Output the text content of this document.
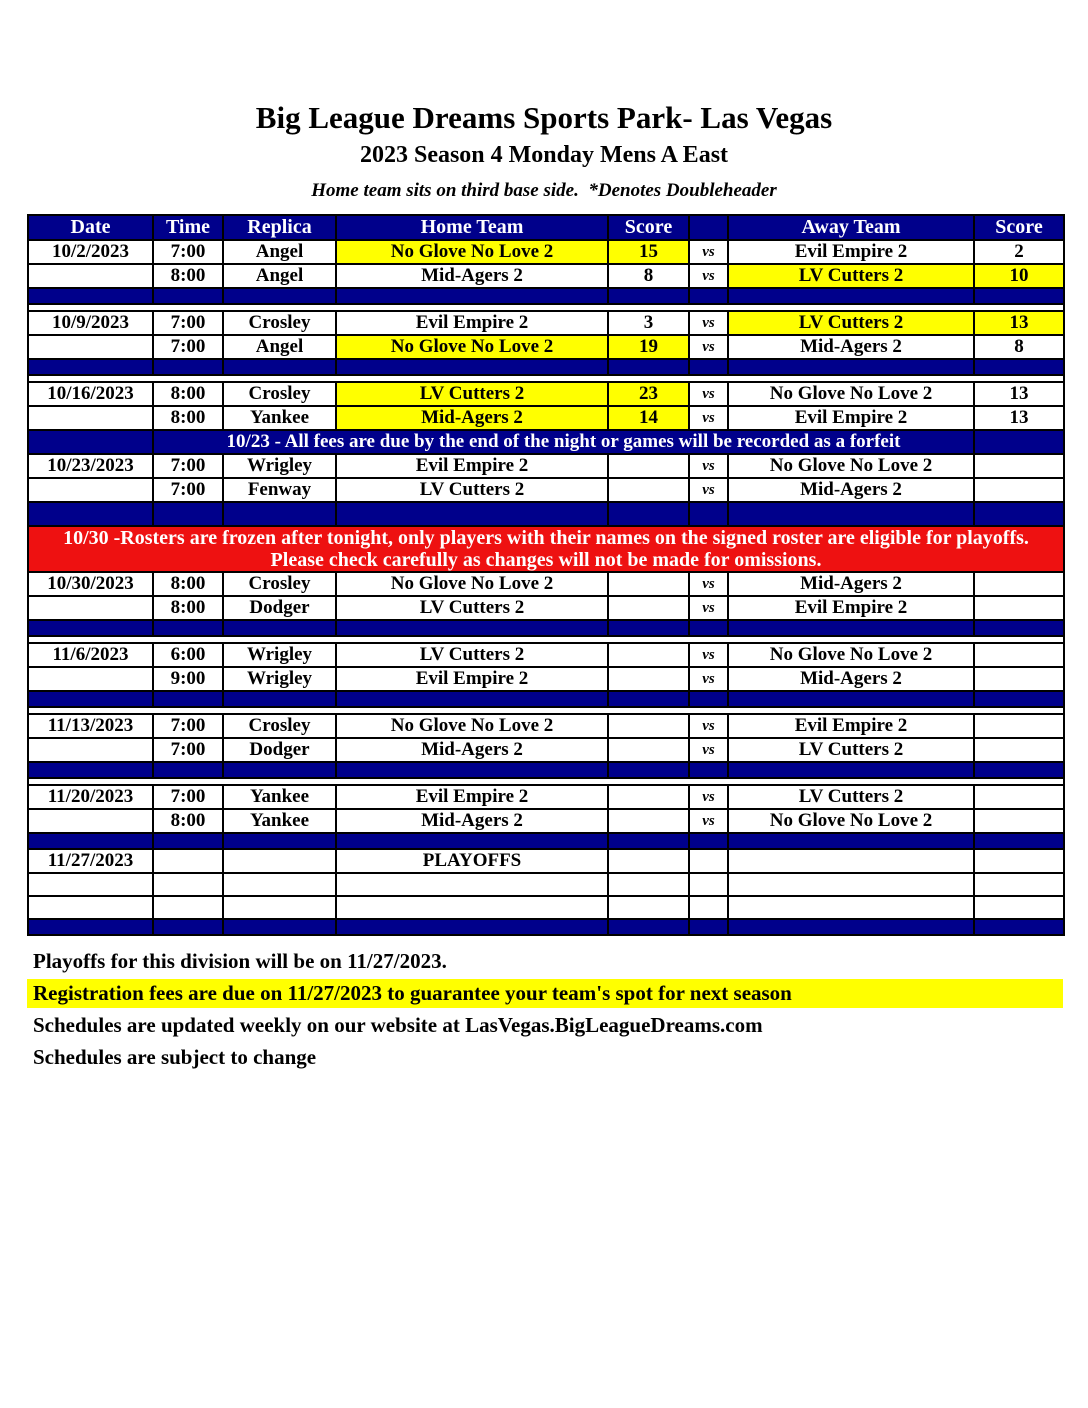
Big League Dreams Sports Park- Las Vegas
2023 Season 4 Monday Mens A East
Home team sits on third base side.  *Denotes Doubleheader
Date	Time	Replica	Home Team	Score		Away Team	Score
10/2/2023	7:00	Angel	No Glove No Love 2	15	vs	Evil Empire 2	2
	8:00	Angel	Mid-Agers 2	8	vs	LV Cutters 2	10

10/9/2023	7:00	Crosley	Evil Empire 2	3	vs	LV Cutters 2	13
	7:00	Angel	No Glove No Love 2	19	vs	Mid-Agers 2	8

10/16/2023	8:00	Crosley	LV Cutters 2	23	vs	No Glove No Love 2	13
	8:00	Yankee	Mid-Agers 2	14	vs	Evil Empire 2	13
	10/23 - All fees are due by the end of the night or games will be recorded as a forfeit						
10/23/2023	7:00	Wrigley	Evil Empire 2		vs	No Glove No Love 2	
	7:00	Fenway	LV Cutters 2		vs	Mid-Agers 2	

10/30 -Rosters are frozen after tonight, only players with their names on the signed roster are eligible for playoffs.
Please check carefully as changes will not be made for omissions.							

10/30/2023	8:00	Crosley	No Glove No Love 2		vs	Mid-Agers 2	
	8:00	Dodger	LV Cutters 2		vs	Evil Empire 2	

11/6/2023	6:00	Wrigley	LV Cutters 2		vs	No Glove No Love 2	
	9:00	Wrigley	Evil Empire 2		vs	Mid-Agers 2	

11/13/2023	7:00	Crosley	No Glove No Love 2		vs	Evil Empire 2	
	7:00	Dodger	Mid-Agers 2		vs	LV Cutters 2	

11/20/2023	7:00	Yankee	Evil Empire 2		vs	LV Cutters 2	
	8:00	Yankee	Mid-Agers 2		vs	No Glove No Love 2	

11/27/2023			PLAYOFFS				

Playoffs for this division will be on 11/27/2023.
Registration fees are due on 11/27/2023 to guarantee your team's spot for next season
Schedules are updated weekly on our website at LasVegas.BigLeagueDreams.com
Schedules are subject to change
